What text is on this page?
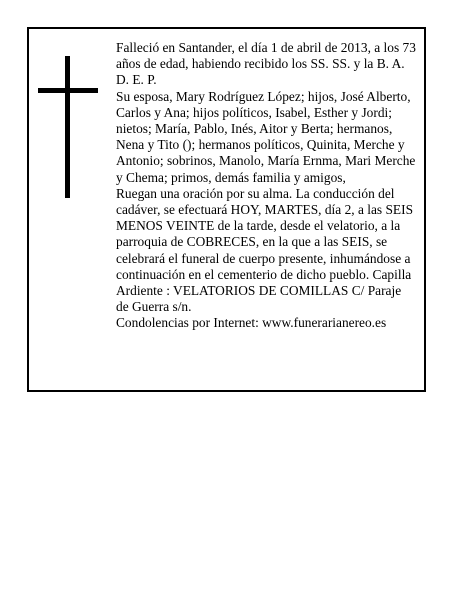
Falleció en Santander, el día 1 de abril de 2013, a los 73 años de edad, habiendo recibido los SS. SS. y la B. A. D. E. P.

Su esposa, Mary Rodríguez López; hijos, José Alberto, Carlos y Ana; hijos políticos, Isabel, Esther y Jordi; nietos; María, Pablo, Inés, Aitor y Berta; hermanos, Nena y Tito (); hermanos políticos, Quinita, Merche y Antonio; sobrinos, Manolo, María Ernma, Mari Merche y Chema; primos, demás familia y amigos,

Ruegan una oración por su alma. La conducción del cadáver, se efectuará HOY, MARTES, día 2, a las SEIS MENOS VEINTE de la tarde, desde el velatorio, a la parroquia de COBRECES, en la que a las SEIS, se celebrará el funeral de cuerpo presente, inhumándose a continuación en el cementerio de dicho pueblo. Capilla Ardiente : VELATORIOS DE COMILLAS C/ Paraje de Guerra s/n.

Condolencias por Internet: www.funerarianereo.es
